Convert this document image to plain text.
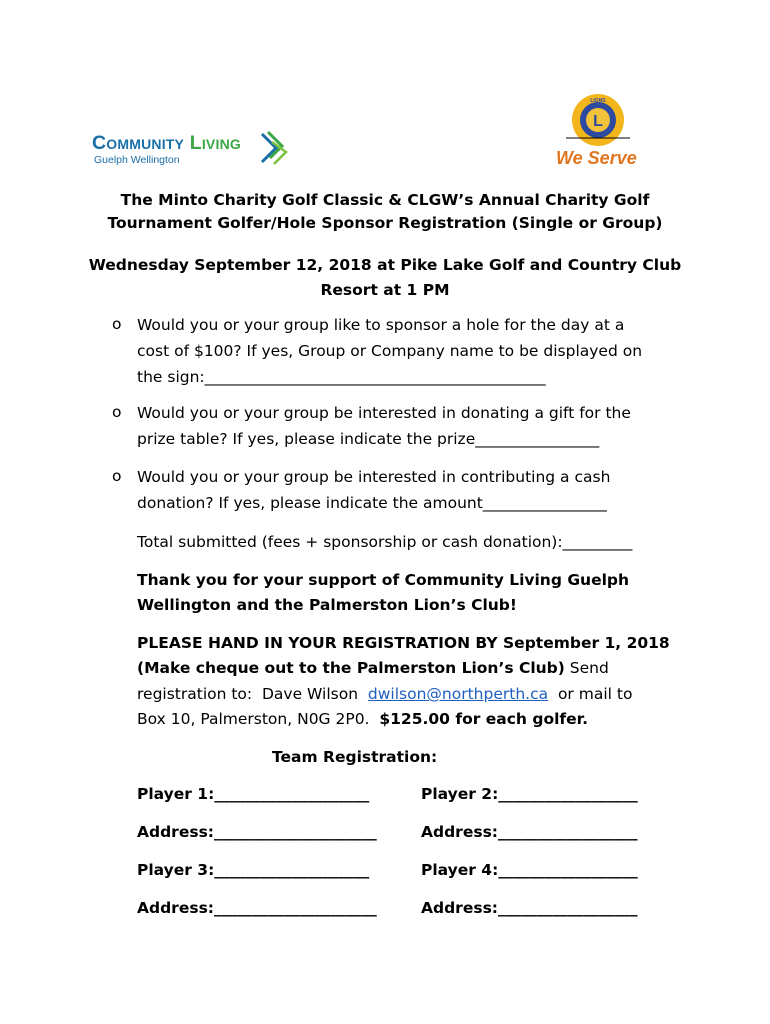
Community Living
Guelph Wellington
L
LIONS
We Serve
The Minto Charity Golf Classic & CLGW’s Annual Charity Golf
Tournament Golfer/Hole Sponsor Registration (Single or Group)
Wednesday September 12, 2018 at Pike Lake Golf and Country Club
Resort at 1 PM
o Would you or your group like to sponsor a hole for the day at a
cost of $100? If yes, Group or Company name to be displayed on
the sign:____________________________________________
o Would you or your group be interested in donating a gift for the
prize table? If yes, please indicate the prize________________
o Would you or your group be interested in contributing a cash
donation? If yes, please indicate the amount________________
Total submitted (fees + sponsorship or cash donation):_________
Thank you for your support of Community Living Guelph
Wellington and the Palmerston Lion’s Club!
PLEASE HAND IN YOUR REGISTRATION BY September 1, 2018
(Make cheque out to the Palmerston Lion’s Club) Send
registration to:  Dave Wilson  dwilson@northperth.ca  or mail to
Box 10, Palmerston, N0G 2P0.  $125.00 for each golfer.
Team Registration:
Player 1:____________________	Player 2:__________________
Address:_____________________	Address:__________________
Player 3:____________________	Player 4:__________________
Address:_____________________	Address:__________________
